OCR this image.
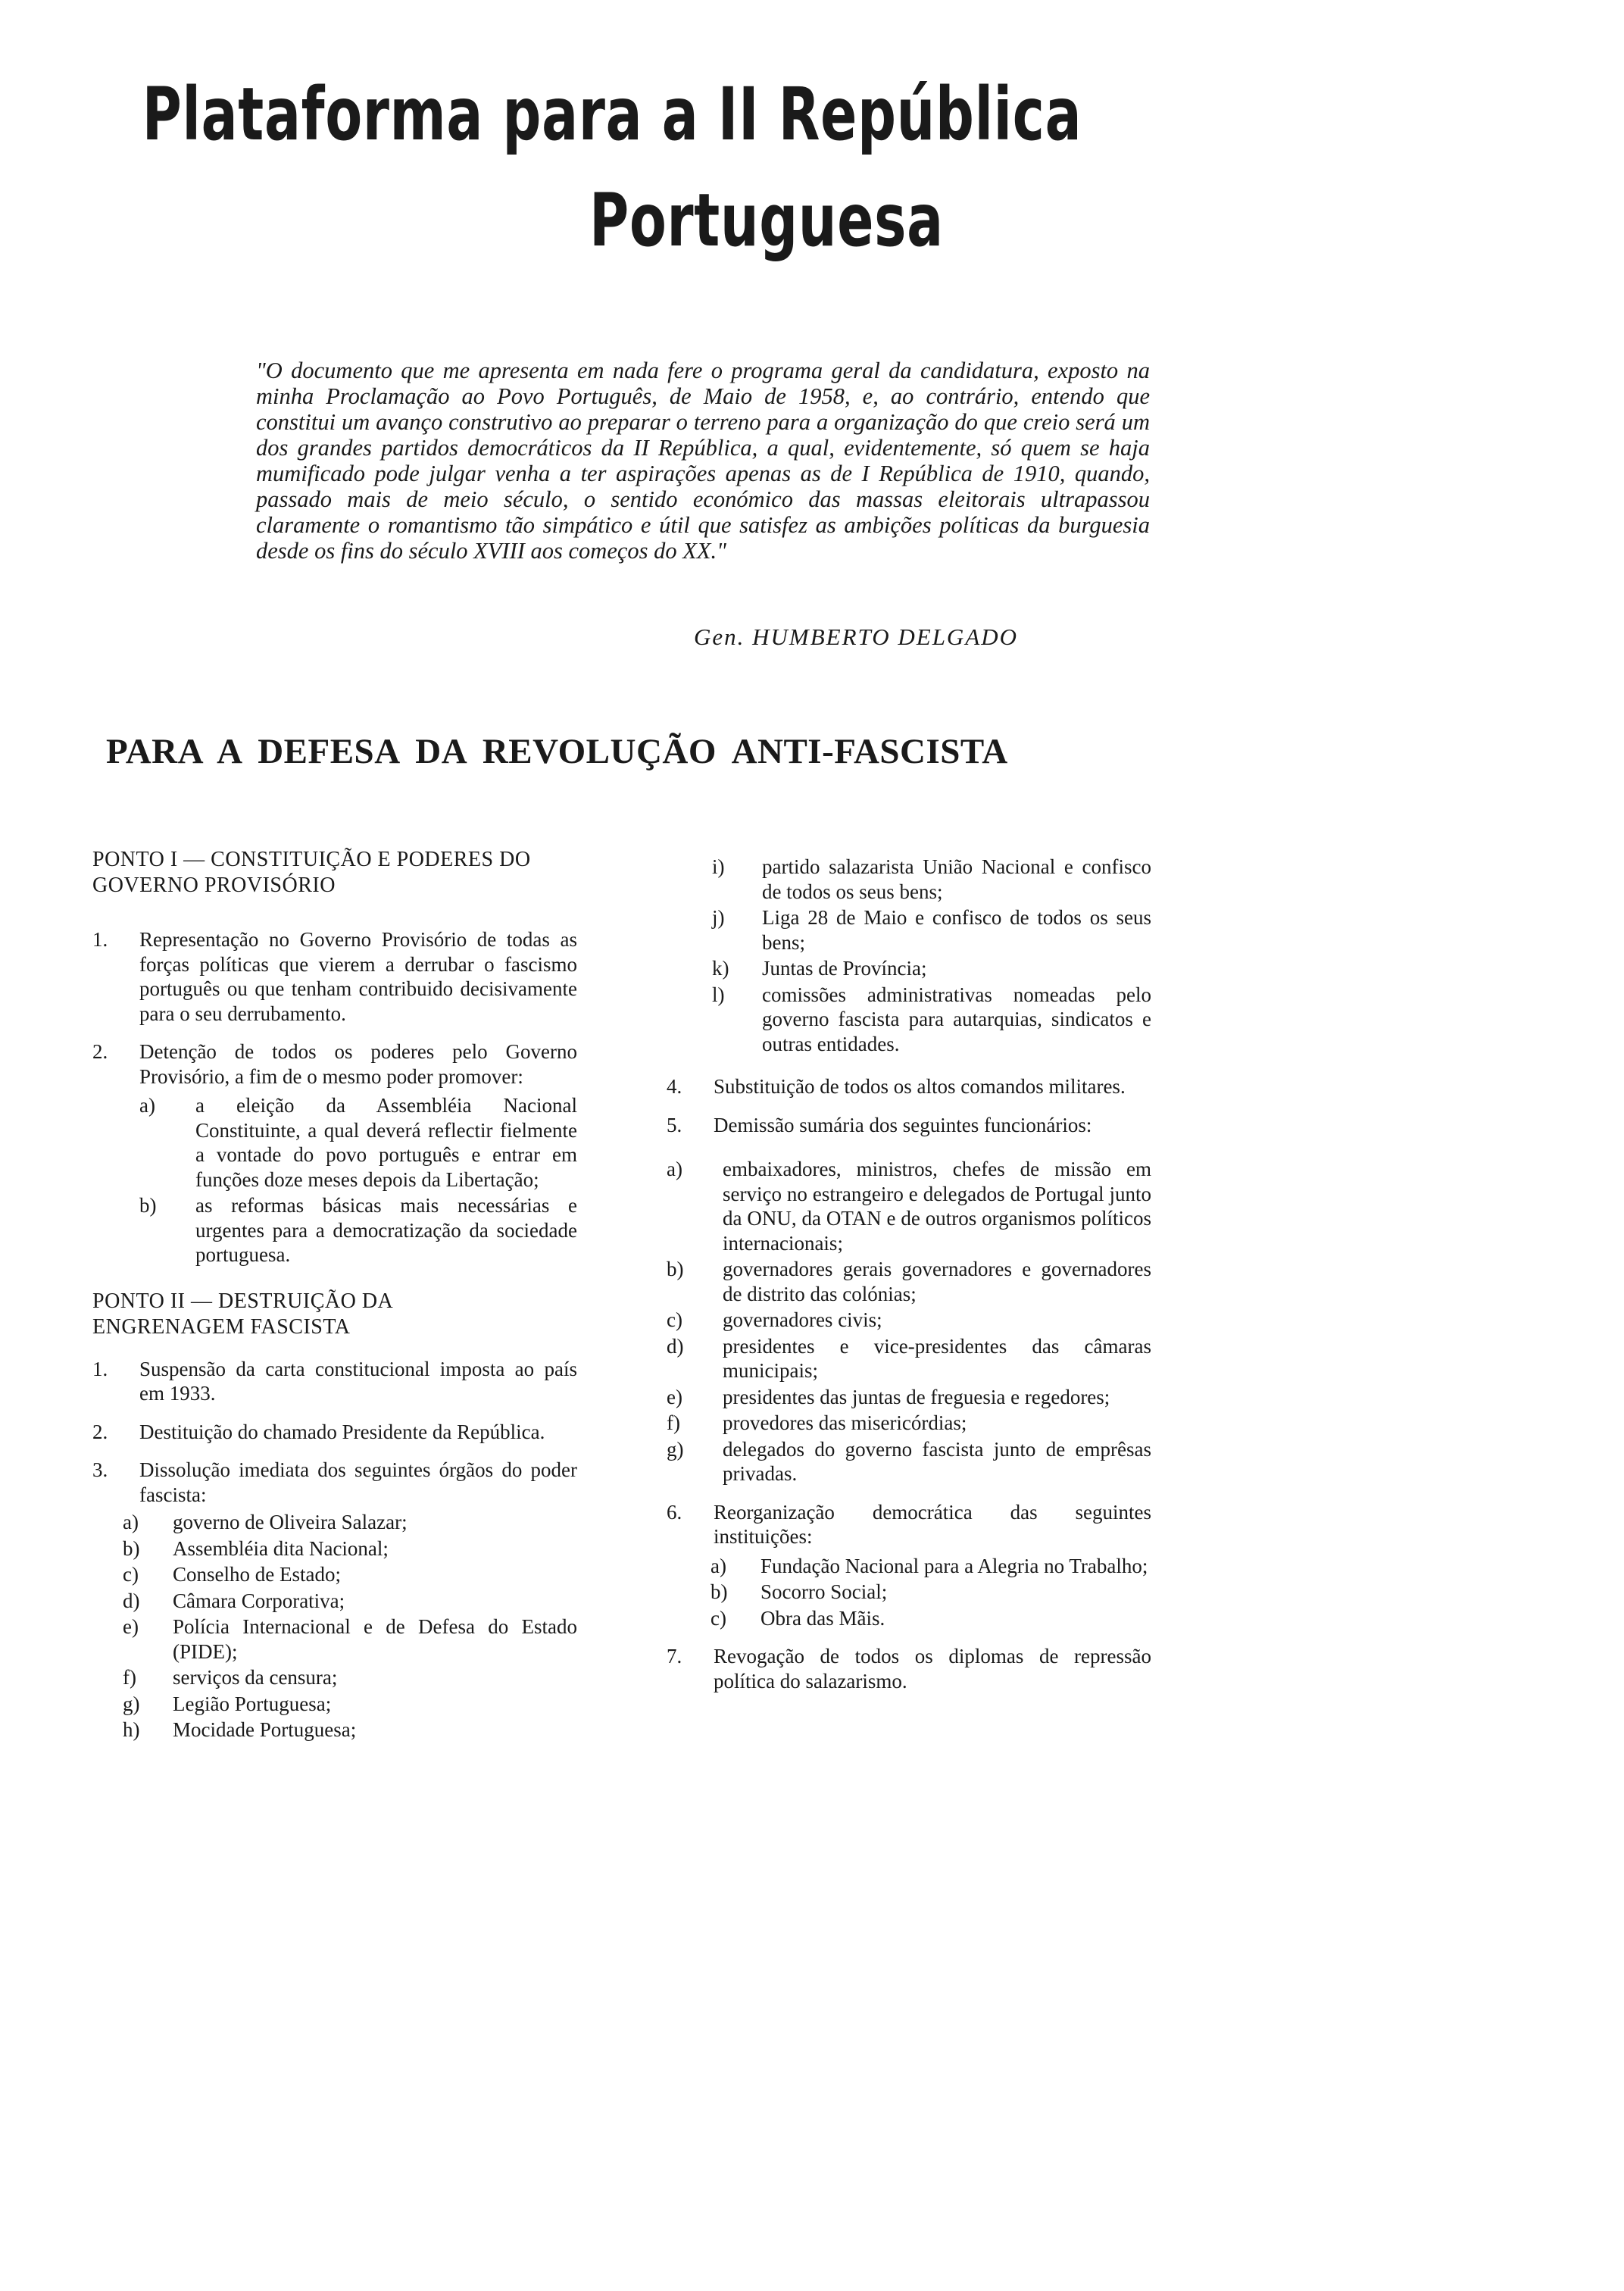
Plataforma para a II República
Portuguesa

"O documento que me apresenta em nada fere o programa geral da candidatura, exposto na minha Proclamação ao Povo Português, de Maio de 1958, e, ao contrário, entendo que constitui um avanço construtivo ao preparar o terreno para a organização do que creio será um dos grandes partidos democráticos da II República, a qual, evidentemente, só quem se haja mumificado pode julgar venha a ter aspirações apenas as de I República de 1910, quando, passado mais de meio século, o sentido económico das massas eleitorais ultrapassou claramente o romantismo tão simpático e útil que satisfez as ambições políticas da burguesia desde os fins do século XVIII aos começos do XX."

Gen. HUMBERTO DELGADO

PARA A DEFESA DA REVOLUÇÃO ANTI-FASCISTA

PONTO I — CONSTITUIÇÃO E PODERES DO GOVERNO PROVISÓRIO

1. Representação no Governo Provisório de todas as forças políticas que vierem a derrubar o fascismo português ou que tenham contribuido decisivamente para o seu derrubamento.
2. Detenção de todos os poderes pelo Governo Provisório, a fim de o mesmo poder promover:
a) a eleição da Assembléia Nacional Constituinte, a qual deverá reflectir fielmente a vontade do povo português e entrar em funções doze meses depois da Libertação;
b) as reformas básicas mais necessárias e urgentes para a democratização da sociedade portuguesa.

PONTO II — DESTRUIÇÃO DA ENGRENAGEM FASCISTA

1. Suspensão da carta constitucional imposta ao país em 1933.
2. Destituição do chamado Presidente da República.
3. Dissolução imediata dos seguintes órgãos do poder fascista:
a) governo de Oliveira Salazar;
b) Assembléia dita Nacional;
c) Conselho de Estado;
d) Câmara Corporativa;
e) Polícia Internacional e de Defesa do Estado (PIDE);
f) serviços da censura;
g) Legião Portuguesa;
h) Mocidade Portuguesa;
i) partido salazarista União Nacional e confisco de todos os seus bens;
j) Liga 28 de Maio e confisco de todos os seus bens;
k) Juntas de Província;
l) comissões administrativas nomeadas pelo governo fascista para autarquias, sindicatos e outras entidades.
4. Substituição de todos os altos comandos militares.
5. Demissão sumária dos seguintes funcionários:
a) embaixadores, ministros, chefes de missão em serviço no estrangeiro e delegados de Portugal junto da ONU, da OTAN e de outros organismos políticos internacionais;
b) governadores gerais governadores e governadores de distrito das colónias;
c) governadores civis;
d) presidentes e vice-presidentes das câmaras municipais;
e) presidentes das juntas de freguesia e regedores;
f) provedores das misericórdias;
g) delegados do governo fascista junto de emprêsas privadas.
6. Reorganização democrática das seguintes instituições:
a) Fundação Nacional para a Alegria no Trabalho;
b) Socorro Social;
c) Obra das Mãis.
7. Revogação de todos os diplomas de repressão política do salazarismo.
